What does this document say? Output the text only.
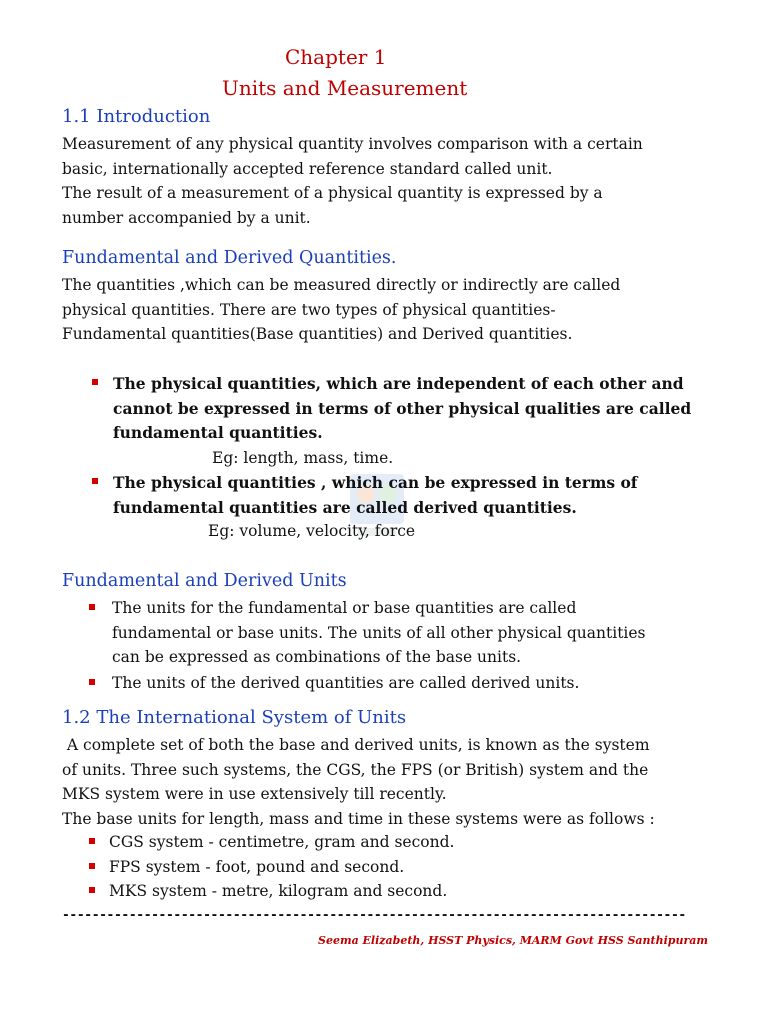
Chapter 1
Units and Measurement
1.1 Introduction
Measurement of any physical quantity involves comparison with a certain
basic, internationally accepted reference standard called unit.
The result of a measurement of a physical quantity is expressed by a
number accompanied by a unit.
Fundamental and Derived Quantities.
The quantities ,which can be measured directly or indirectly are called
physical quantities. There are two types of physical quantities-
Fundamental quantities(Base quantities) and Derived quantities.
The physical quantities, which are independent of each other and
cannot be expressed in terms of other physical qualities are called
fundamental quantities.
Eg: length, mass, time.
The physical quantities , which can be expressed in terms of
fundamental quantities are called derived quantities.
Eg: volume, velocity, force
Fundamental and Derived Units
The units for the fundamental or base quantities are called
fundamental or base units. The units of all other physical quantities
can be expressed as combinations of the base units.
The units of the derived quantities are called derived units.
1.2 The International System of Units
A complete set of both the base and derived units, is known as the system
of units. Three such systems, the CGS, the FPS (or British) system and the
MKS system were in use extensively till recently.
The base units for length, mass and time in these systems were as follows :
CGS system - centimetre, gram and second.
FPS system - foot, pound and second.
MKS system - metre, kilogram and second.
------------------------------------------------------------------------------------
Seema Elizabeth, HSST Physics, MARM Govt HSS Santhipuram
